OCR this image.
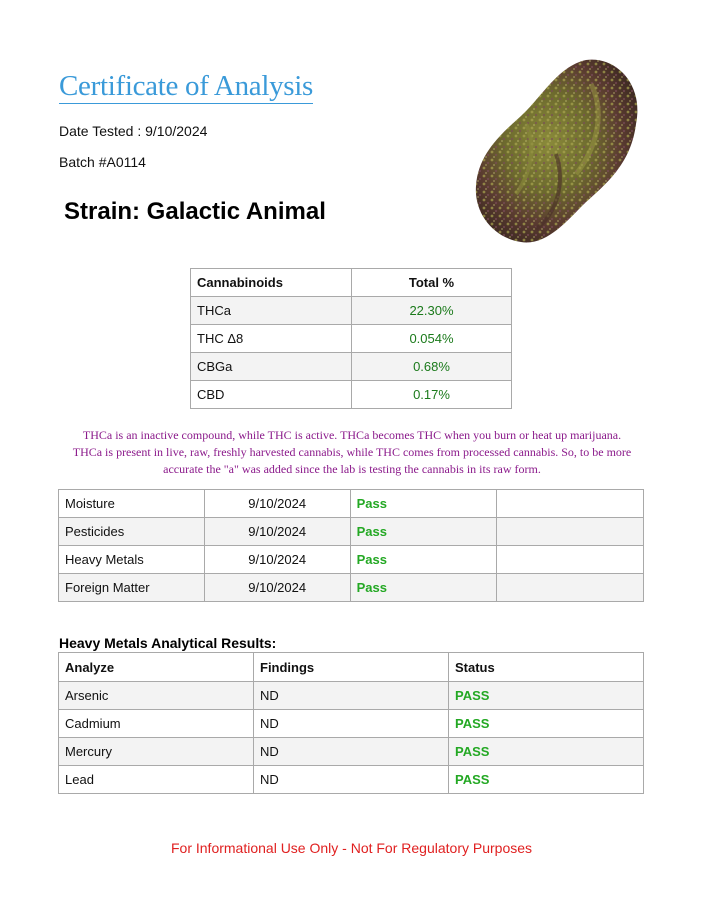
Certificate of Analysis
Date Tested : 9/10/2024
Batch #A0114
Strain: Galactic Animal
Cannabinoids	Total %
THCa	22.30%
THC Δ8	0.054%
CBGa	0.68%
CBD	0.17%
THCa is an inactive compound, while THC is active. THCa becomes THC when you burn or heat up marijuana.
THCa is present in live, raw, freshly harvested cannabis, while THC comes from processed cannabis. So, to be more
accurate the "a" was added since the lab is testing the cannabis in its raw form.
Moisture	9/10/2024	Pass	
Pesticides	9/10/2024	Pass	
Heavy Metals	9/10/2024	Pass	
Foreign Matter	9/10/2024	Pass	
Heavy Metals Analytical Results:
Analyze	Findings	Status
Arsenic	ND	PASS
Cadmium	ND	PASS
Mercury	ND	PASS
Lead	ND	PASS
For Informational Use Only - Not For Regulatory Purposes
